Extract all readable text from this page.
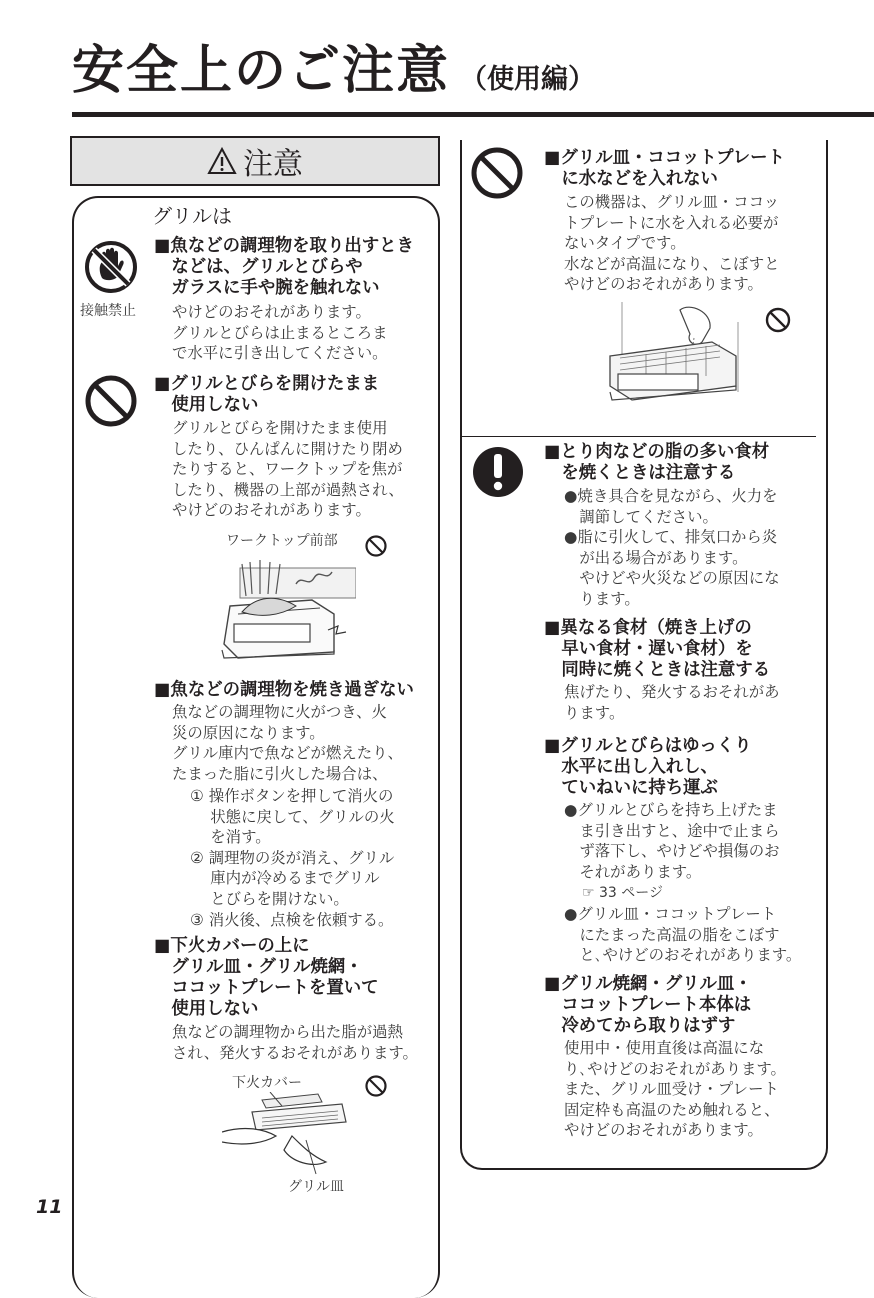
安全上のご注意 （使用編）
注意
グリルは
接触禁止
■魚などの調理物を取り出すとき
　などは、グリルとびらや
　ガラスに手や腕を触れない
やけどのおそれがあります。
グリルとびらは止まるところま
で水平に引き出してください。
■グリルとびらを開けたまま
　使用しない
グリルとびらを開けたまま使用
したり、ひんぱんに開けたり閉め
たりすると、ワークトップを焦が
したり、機器の上部が過熱され、
やけどのおそれがあります。
ワークトップ前部
■魚などの調理物を焼き過ぎない
魚などの調理物に火がつき、火
災の原因になります。
グリル庫内で魚などが燃えたり、
たまった脂に引火した場合は、
① 操作ボタンを押して消火の
　 状態に戻して、グリルの火
　 を消す。
② 調理物の炎が消え、グリル
　 庫内が冷めるまでグリル
　 とびらを開けない。
③ 消火後、点検を依頼する。
■下火カバーの上に
　グリル皿・グリル焼網・
　ココットプレートを置いて
　使用しない
魚などの調理物から出た脂が過熱
され、発火するおそれがあります。
下火カバー
グリル皿
■グリル皿・ココットプレート
　に水などを入れない
この機器は、グリル皿・ココッ
トプレートに水を入れる必要が
ないタイプです。
水などが高温になり、こぼすと
やけどのおそれがあります。
■とり肉などの脂の多い食材
　を焼くときは注意する
●焼き具合を見ながら、火力を
　調節してください。
●脂に引火して、排気口から炎
　が出る場合があります。
　やけどや火災などの原因にな
　ります。
■異なる食材（焼き上げの
　早い食材・遅い食材）を
　同時に焼くときは注意する
焦げたり、発火するおそれがあ
ります。
■グリルとびらはゆっくり
　水平に出し入れし、
　ていねいに持ち運ぶ
●グリルとびらを持ち上げたま
　ま引き出すと、途中で止まら
　ず落下し、やけどや損傷のお
　それがあります。
☞ 33 ページ
●グリル皿・ココットプレート
　にたまった高温の脂をこぼす
　と､やけどのおそれがあります。
■グリル焼網・グリル皿・
　ココットプレート本体は
　冷めてから取りはずす
使用中・使用直後は高温にな
り､やけどのおそれがあります。
また、グリル皿受け・プレート
固定枠も高温のため触れると、
やけどのおそれがあります。
11
